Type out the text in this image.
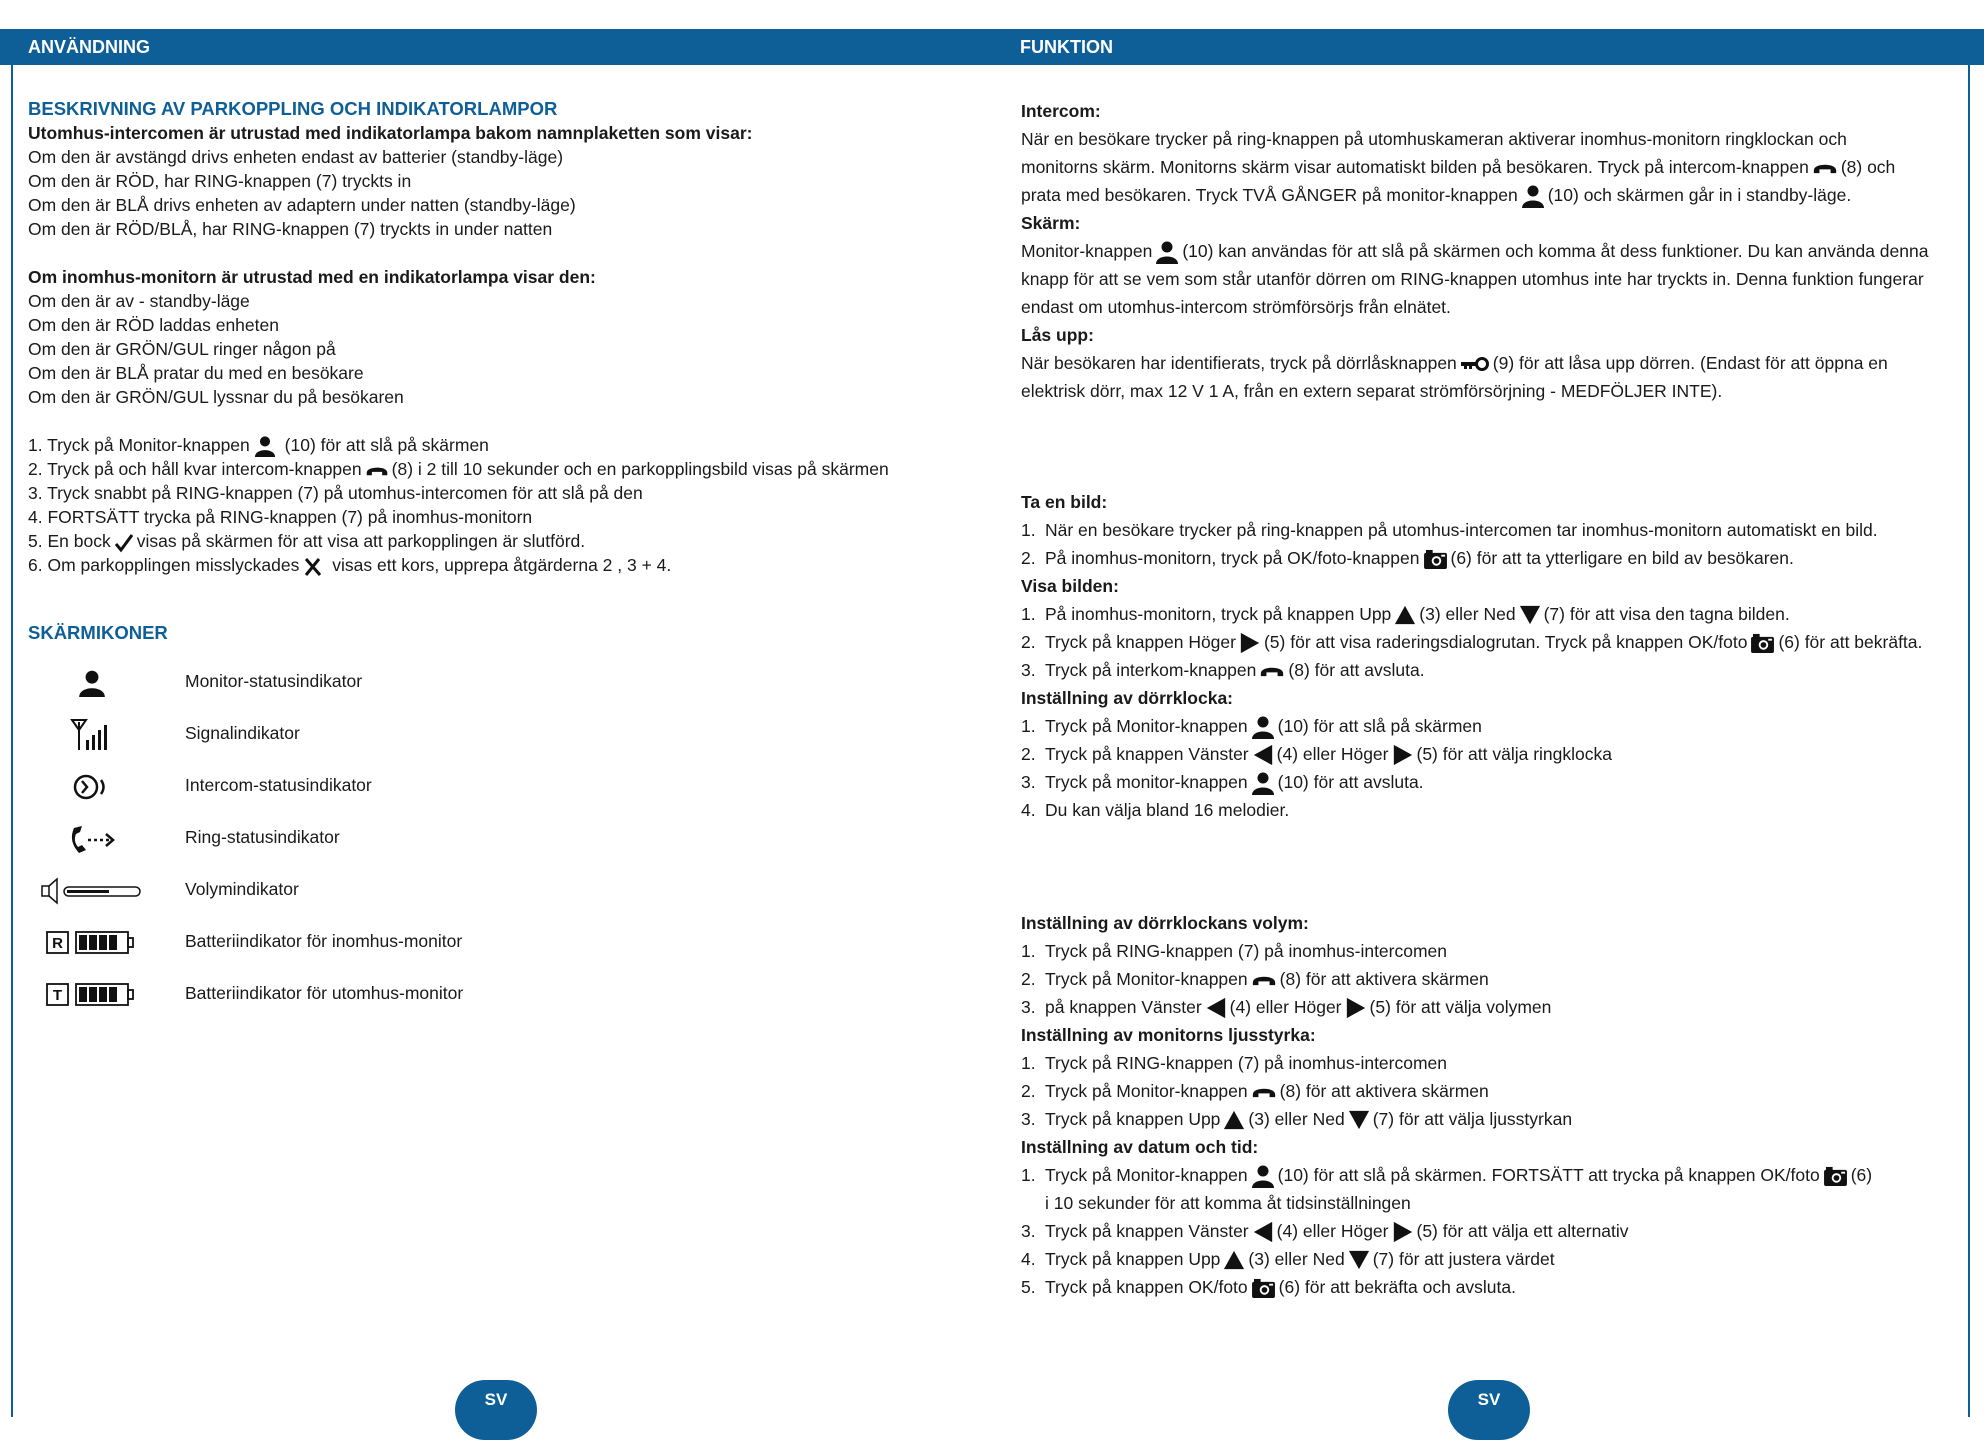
ANVÄNDNING	FUNKTION

BESKRIVNING AV PARKOPPLING OCH INDIKATORLAMPOR

Utomhus-intercomen är utrustad med indikatorlampa bakom namnplaketten som visar:

Om den är avstängd drivs enheten endast av batterier (standby-läge)

Om den är RÖD, har RING-knappen (7) tryckts in

Om den är BLÅ drivs enheten av adaptern under natten (standby-läge)

Om den är RÖD/BLÅ, har RING-knappen (7) tryckts in under natten

Om inomhus-monitorn är utrustad med en indikatorlampa visar den:

Om den är av - standby-läge

Om den är RÖD laddas enheten

Om den är GRÖN/GUL ringer någon på

Om den är BLÅ pratar du med en besökare

Om den är GRÖN/GUL lyssnar du på besökaren

1. Tryck på Monitor-knappen (10) för att slå på skärmen

2. Tryck på och håll kvar intercom-knappen (8) i 2 till 10 sekunder och en parkopplingsbild visas på skärmen

3. Tryck snabbt på RING-knappen (7) på utomhus-intercomen för att slå på den

4. FORTSÄTT trycka på RING-knappen (7) på inomhus-monitorn

5. En bock visas på skärmen för att visa att parkopplingen är slutförd.

6. Om parkopplingen misslyckades visas ett kors, upprepa åtgärderna 2 , 3 + 4.

SKÄRMIKONER

Monitor-statusindikator
Signalindikator
Intercom-statusindikator
Ring-statusindikator
Volymindikator
R	Batteriindikator för inomhus-monitor
T	Batteriindikator för utomhus-monitor

Intercom:

När en besökare trycker på ring-knappen på utomhuskameran aktiverar inomhus-monitorn ringklockan och

monitorns skärm. Monitorns skärm visar automatiskt bilden på besökaren. Tryck på intercom-knappen (8) och

prata med besökaren. Tryck TVÅ GÅNGER på monitor-knappen (10) och skärmen går in i standby-läge.

Skärm:

Monitor-knappen (10) kan användas för att slå på skärmen och komma åt dess funktioner. Du kan använda denna

knapp för att se vem som står utanför dörren om RING-knappen utomhus inte har tryckts in. Denna funktion fungerar

endast om utomhus-intercom strömförsörjs från elnätet.

Lås upp:

När besökaren har identifierats, tryck på dörrlåsknappen (9) för att låsa upp dörren. (Endast för att öppna en

elektrisk dörr, max 12 V 1 A, från en extern separat strömförsörjning - MEDFÖLJER INTE).

Ta en bild:

1. När en besökare trycker på ring-knappen på utomhus-intercomen tar inomhus-monitorn automatiskt en bild.

2. På inomhus-monitorn, tryck på OK/foto-knappen (6) för att ta ytterligare en bild av besökaren.

Visa bilden:

1. På inomhus-monitorn, tryck på knappen Upp (3) eller Ned (7) för att visa den tagna bilden.

2. Tryck på knappen Höger (5) för att visa raderingsdialogrutan. Tryck på knappen OK/foto (6) för att bekräfta.

3. Tryck på interkom-knappen (8) för att avsluta.

Inställning av dörrklocka:

1. Tryck på Monitor-knappen (10) för att slå på skärmen

2. Tryck på knappen Vänster (4) eller Höger (5) för att välja ringklocka

3. Tryck på monitor-knappen (10) för att avsluta.

4. Du kan välja bland 16 melodier.

Inställning av dörrklockans volym:

1. Tryck på RING-knappen (7) på inomhus-intercomen

2. Tryck på Monitor-knappen (8) för att aktivera skärmen

3. på knappen Vänster (4) eller Höger (5) för att välja volymen

Inställning av monitorns ljusstyrka:

1. Tryck på RING-knappen (7) på inomhus-intercomen

2. Tryck på Monitor-knappen (8) för att aktivera skärmen

3. Tryck på knappen Upp (3) eller Ned (7) för att välja ljusstyrkan

Inställning av datum och tid:

1. Tryck på Monitor-knappen (10) för att slå på skärmen. FORTSÄTT att trycka på knappen OK/foto (6)

i 10 sekunder för att komma åt tidsinställningen

3. Tryck på knappen Vänster (4) eller Höger (5) för att välja ett alternativ

4. Tryck på knappen Upp (3) eller Ned (7) för att justera värdet

5. Tryck på knappen OK/foto (6) för att bekräfta och avsluta.

SV	SV
